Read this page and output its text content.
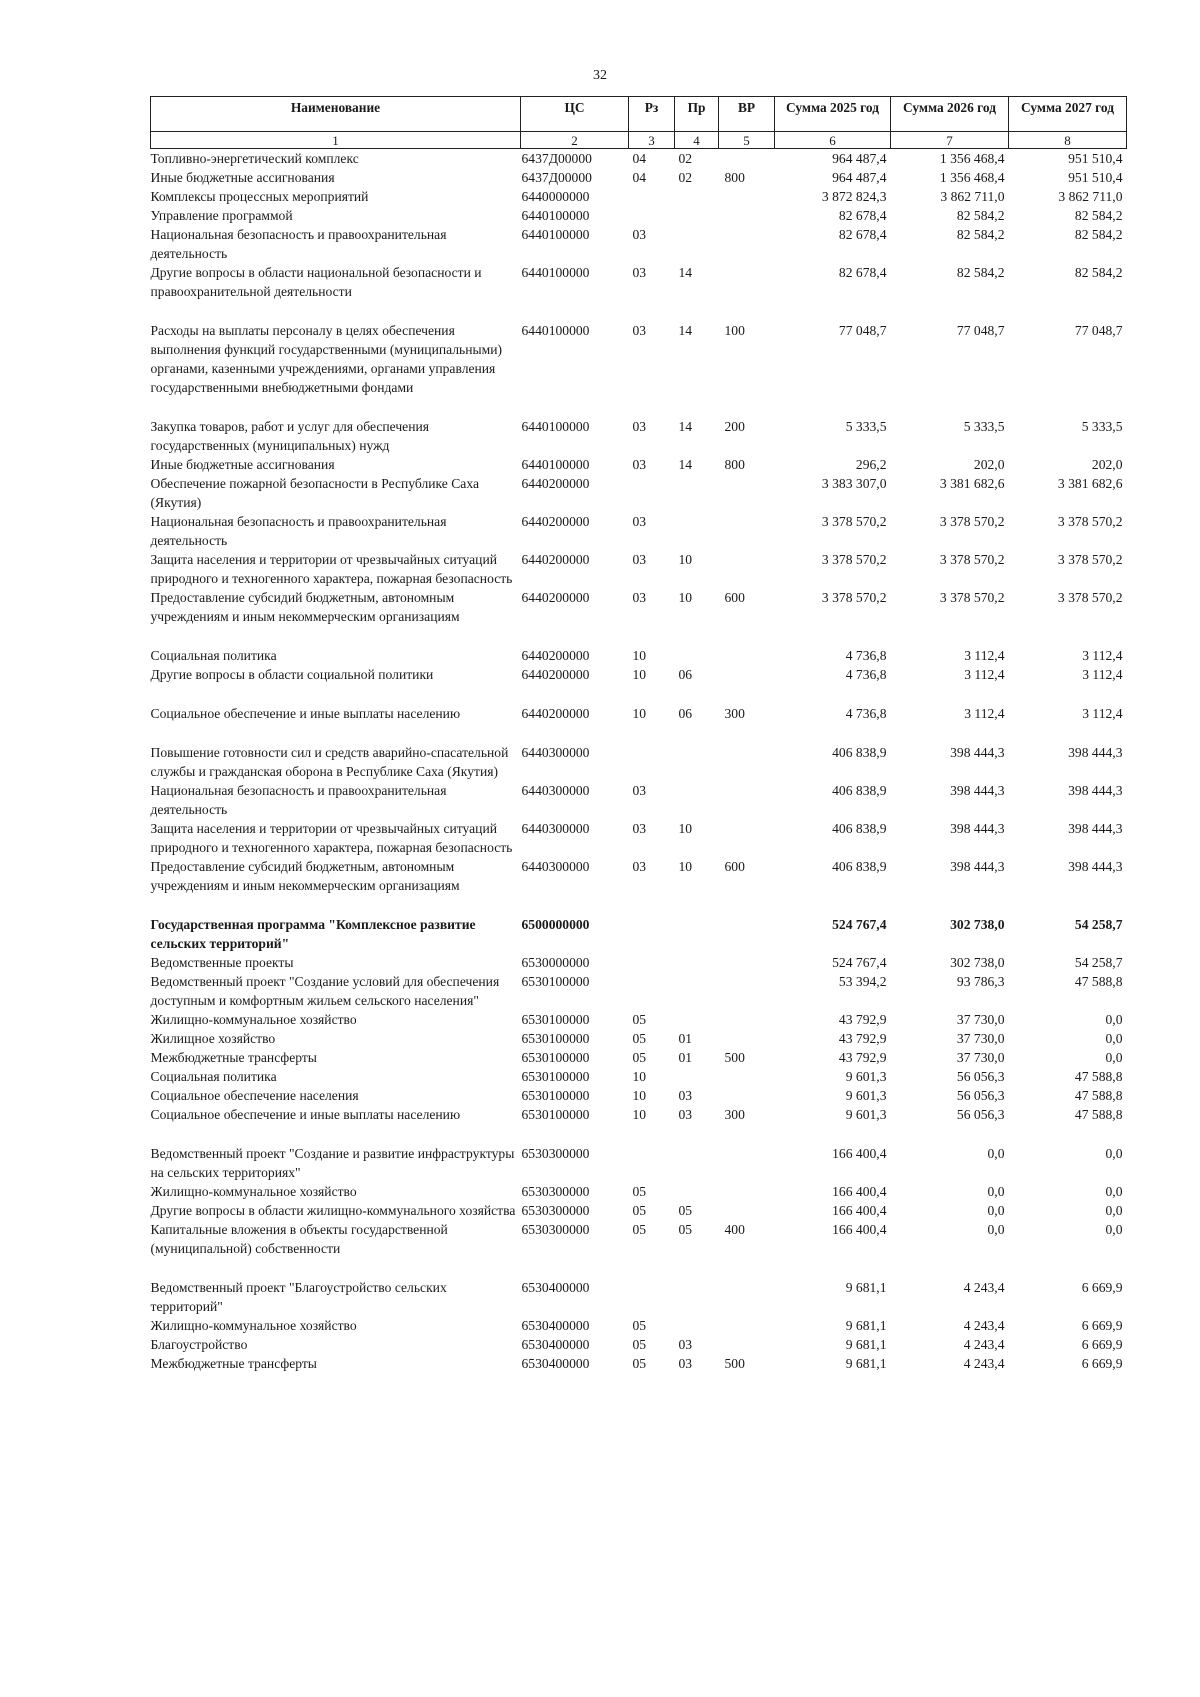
32
Наименование	ЦС	Рз	Пр	ВР	Сумма 2025 год	Сумма 2026 год	Сумма 2027 год
1	2	3	4	5	6	7	8
Топливно-энергетический комплекс	6437Д00000	04	02		964 487,4	1 356 468,4	951 510,4
Иные бюджетные ассигнования	6437Д00000	04	02	800	964 487,4	1 356 468,4	951 510,4
Комплексы процессных мероприятий	6440000000				3 872 824,3	3 862 711,0	3 862 711,0
Управление программой	6440100000				82 678,4	82 584,2	82 584,2
Национальная безопасность и правоохранительная деятельность	6440100000	03			82 678,4	82 584,2	82 584,2
Другие вопросы в области национальной безопасности и правоохранительной деятельности	6440100000	03	14		82 678,4	82 584,2	82 584,2
Расходы на выплаты персоналу в целях обеспечения выполнения функций государственными (муниципальными) органами, казенными учреждениями, органами управления государственными внебюджетными фондами	6440100000	03	14	100	77 048,7	77 048,7	77 048,7
Закупка товаров, работ и услуг для обеспечения государственных (муниципальных) нужд	6440100000	03	14	200	5 333,5	5 333,5	5 333,5
Иные бюджетные ассигнования	6440100000	03	14	800	296,2	202,0	202,0
Обеспечение пожарной безопасности в Республике Саха (Якутия)	6440200000				3 383 307,0	3 381 682,6	3 381 682,6
Национальная безопасность и правоохранительная деятельность	6440200000	03			3 378 570,2	3 378 570,2	3 378 570,2
Защита населения и территории от чрезвычайных ситуаций природного и техногенного характера, пожарная безопасность	6440200000	03	10		3 378 570,2	3 378 570,2	3 378 570,2
Предоставление субсидий бюджетным, автономным учреждениям и иным некоммерческим организациям	6440200000	03	10	600	3 378 570,2	3 378 570,2	3 378 570,2
Социальная политика	6440200000	10			4 736,8	3 112,4	3 112,4
Другие вопросы в области социальной политики	6440200000	10	06		4 736,8	3 112,4	3 112,4
Социальное обеспечение и иные выплаты населению	6440200000	10	06	300	4 736,8	3 112,4	3 112,4
Повышение готовности сил и средств аварийно-спасательной службы и гражданская оборона в Республике Саха (Якутия)	6440300000				406 838,9	398 444,3	398 444,3
Национальная безопасность и правоохранительная деятельность	6440300000	03			406 838,9	398 444,3	398 444,3
Защита населения и территории от чрезвычайных ситуаций природного и техногенного характера, пожарная безопасность	6440300000	03	10		406 838,9	398 444,3	398 444,3
Предоставление субсидий бюджетным, автономным учреждениям и иным некоммерческим организациям	6440300000	03	10	600	406 838,9	398 444,3	398 444,3
Государственная программа "Комплексное развитие сельских территорий"	6500000000				524 767,4	302 738,0	54 258,7
Ведомственные проекты	6530000000				524 767,4	302 738,0	54 258,7
Ведомственный проект "Создание условий для обеспечения доступным и комфортным жильем сельского населения"	6530100000				53 394,2	93 786,3	47 588,8
Жилищно-коммунальное хозяйство	6530100000	05			43 792,9	37 730,0	0,0
Жилищное хозяйство	6530100000	05	01		43 792,9	37 730,0	0,0
Межбюджетные трансферты	6530100000	05	01	500	43 792,9	37 730,0	0,0
Социальная политика	6530100000	10			9 601,3	56 056,3	47 588,8
Социальное обеспечение населения	6530100000	10	03		9 601,3	56 056,3	47 588,8
Социальное обеспечение и иные выплаты населению	6530100000	10	03	300	9 601,3	56 056,3	47 588,8
Ведомственный проект "Создание и развитие инфраструктуры на сельских территориях"	6530300000				166 400,4	0,0	0,0
Жилищно-коммунальное хозяйство	6530300000	05			166 400,4	0,0	0,0
Другие вопросы в области жилищно-коммунального хозяйства	6530300000	05	05		166 400,4	0,0	0,0
Капитальные вложения в объекты государственной (муниципальной) собственности	6530300000	05	05	400	166 400,4	0,0	0,0
Ведомственный проект "Благоустройство сельских территорий"	6530400000				9 681,1	4 243,4	6 669,9
Жилищно-коммунальное хозяйство	6530400000	05			9 681,1	4 243,4	6 669,9
Благоустройство	6530400000	05	03		9 681,1	4 243,4	6 669,9
Межбюджетные трансферты	6530400000	05	03	500	9 681,1	4 243,4	6 669,9
